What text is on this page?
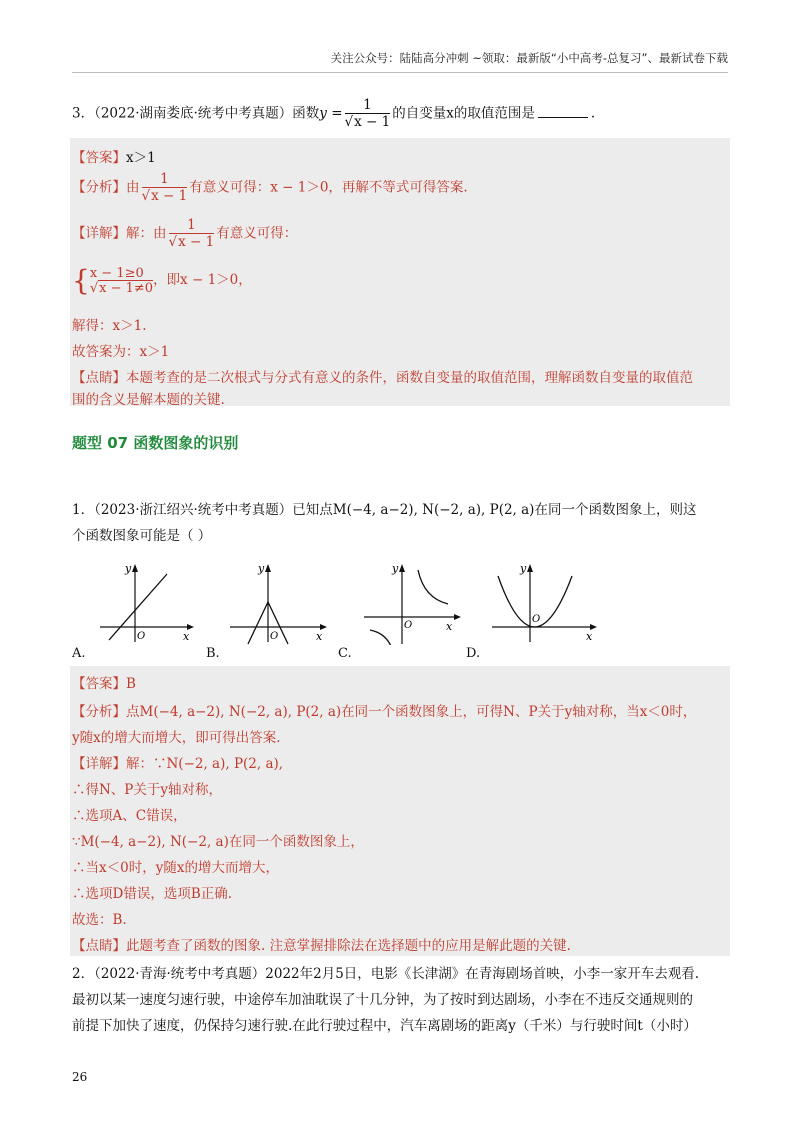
关注公众号：陆陆高分冲刺 ~领取：最新版“小中高考-总复习”、最新试卷下载
3．（2022·湖南娄底·统考中考真题）函数$y = \frac{1}{√x - 1}$ 的自变量x的取值范围是	.
【答案】x＞1
【分析】由 $\frac{1}{√x - 1}$ 有意义可得：x − 1＞0，再解不等式可得答案.
【详解】解：由 $\frac{1}{√x - 1}$ 有意义可得：
{x − 1≥0
√x − 1≠0，即x − 1＞0，
解得：x＞1.
故答案为：x＞1
【点睛】本题考查的是二次根式与分式有意义的条件，函数自变量的取值范围，理解函数自变量的取值范
围的含义是解本题的关键.
题型 07 函数图象的识别
1．（2023·浙江绍兴·统考中考真题）已知点M(−4, a−2), N(−2, a), P(2, a)在同一个函数图象上，则这
个函数图象可能是（ ）
y
x
O
y
x
O
y
x
O
y
x
O
A.	B.	C.	D.
【答案】B
【分析】点M(−4, a−2), N(−2, a), P(2, a)在同一个函数图象上，可得N、P关于y轴对称，当x＜0时，
y随x的增大而增大，即可得出答案.
【详解】解：∵N(−2, a), P(2, a),
∴得N、P关于y轴对称，
∴选项A、C错误，
∵M(−4, a−2), N(−2, a)在同一个函数图象上，
∴当x＜0时，y随x的增大而增大，
∴选项D错误，选项B正确.
故选：B.
【点睛】此题考查了函数的图象. 注意掌握排除法在选择题中的应用是解此题的关键.
2．（2022·青海·统考中考真题）2022年2月5日，电影《长津湖》在青海剧场首映，小李一家开车去观看.
最初以某一速度匀速行驶，中途停车加油耽误了十几分钟，为了按时到达剧场，小李在不违反交通规则的
前提下加快了速度，仍保持匀速行驶.在此行驶过程中，汽车离剧场的距离y（千米）与行驶时间t（小时）
26
